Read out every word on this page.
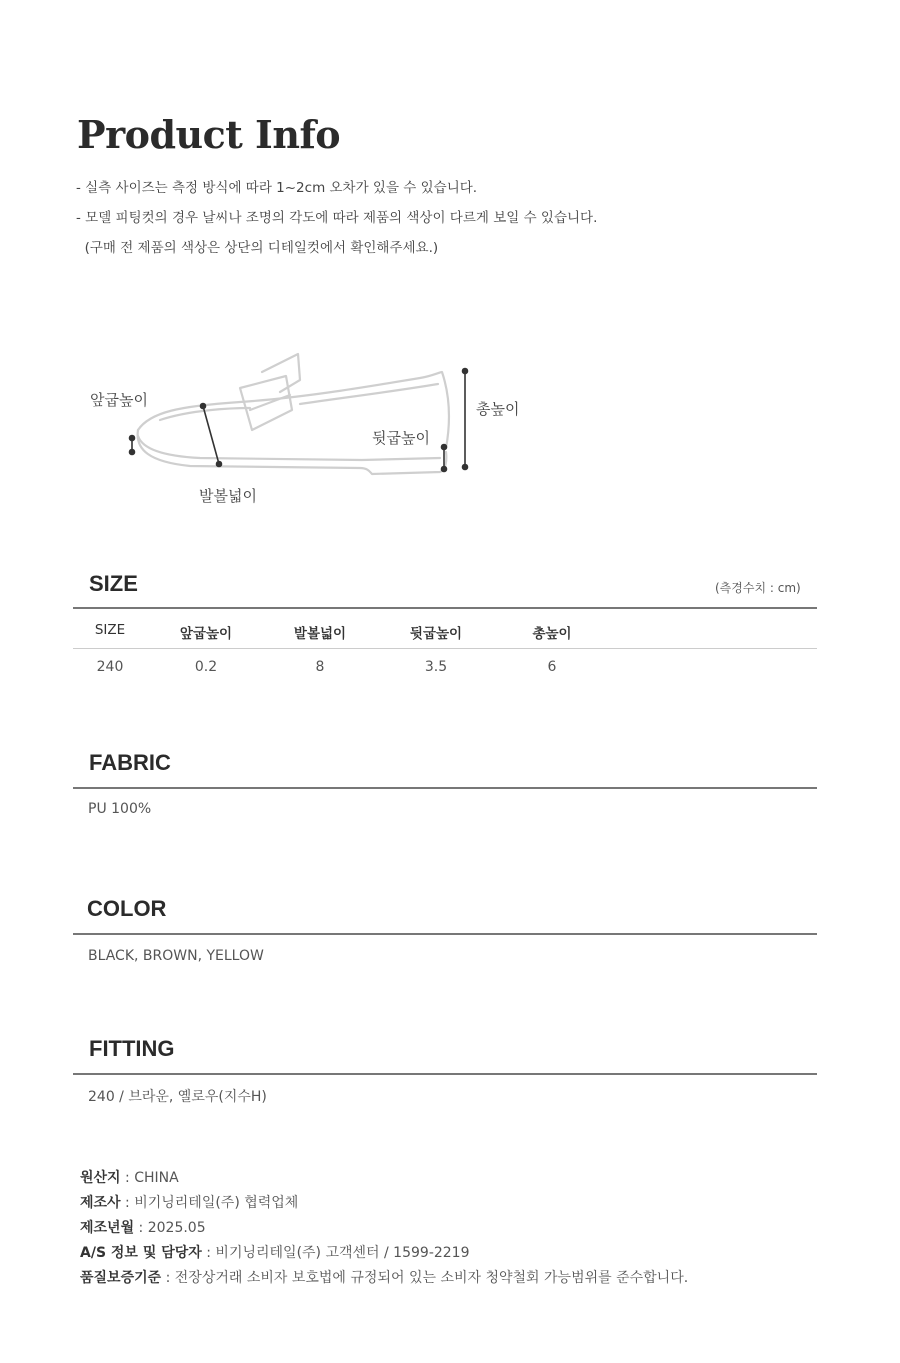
Product Info
- 실측 사이즈는 측정 방식에 따라 1~2cm 오차가 있을 수 있습니다.
- 모델 피팅컷의 경우 날씨나 조명의 각도에 따라 제품의 색상이 다르게 보일 수 있습니다.
(구매 전 제품의 색상은 상단의 디테일컷에서 확인해주세요.)
앞굽높이
발볼넓이
뒷굽높이
총높이
SIZE	(측경수치 : cm)
SIZE	앞굽높이	발볼넓이	뒷굽높이	총높이
240	0.2	8	3.5	6
FABRIC
PU 100%
COLOR
BLACK, BROWN, YELLOW
FITTING
240 / 브라운, 옐로우(지수H)
원산지 : CHINA
제조사 : 비기닝리테일(주) 협력업체
제조년월 : 2025.05
A/S 정보 및 담당자 : 비기닝리테일(주) 고객센터 / 1599-2219
품질보증기준 : 전장상거래 소비자 보호법에 규정되어 있는 소비자 청약철회 가능범위를 준수합니다.
